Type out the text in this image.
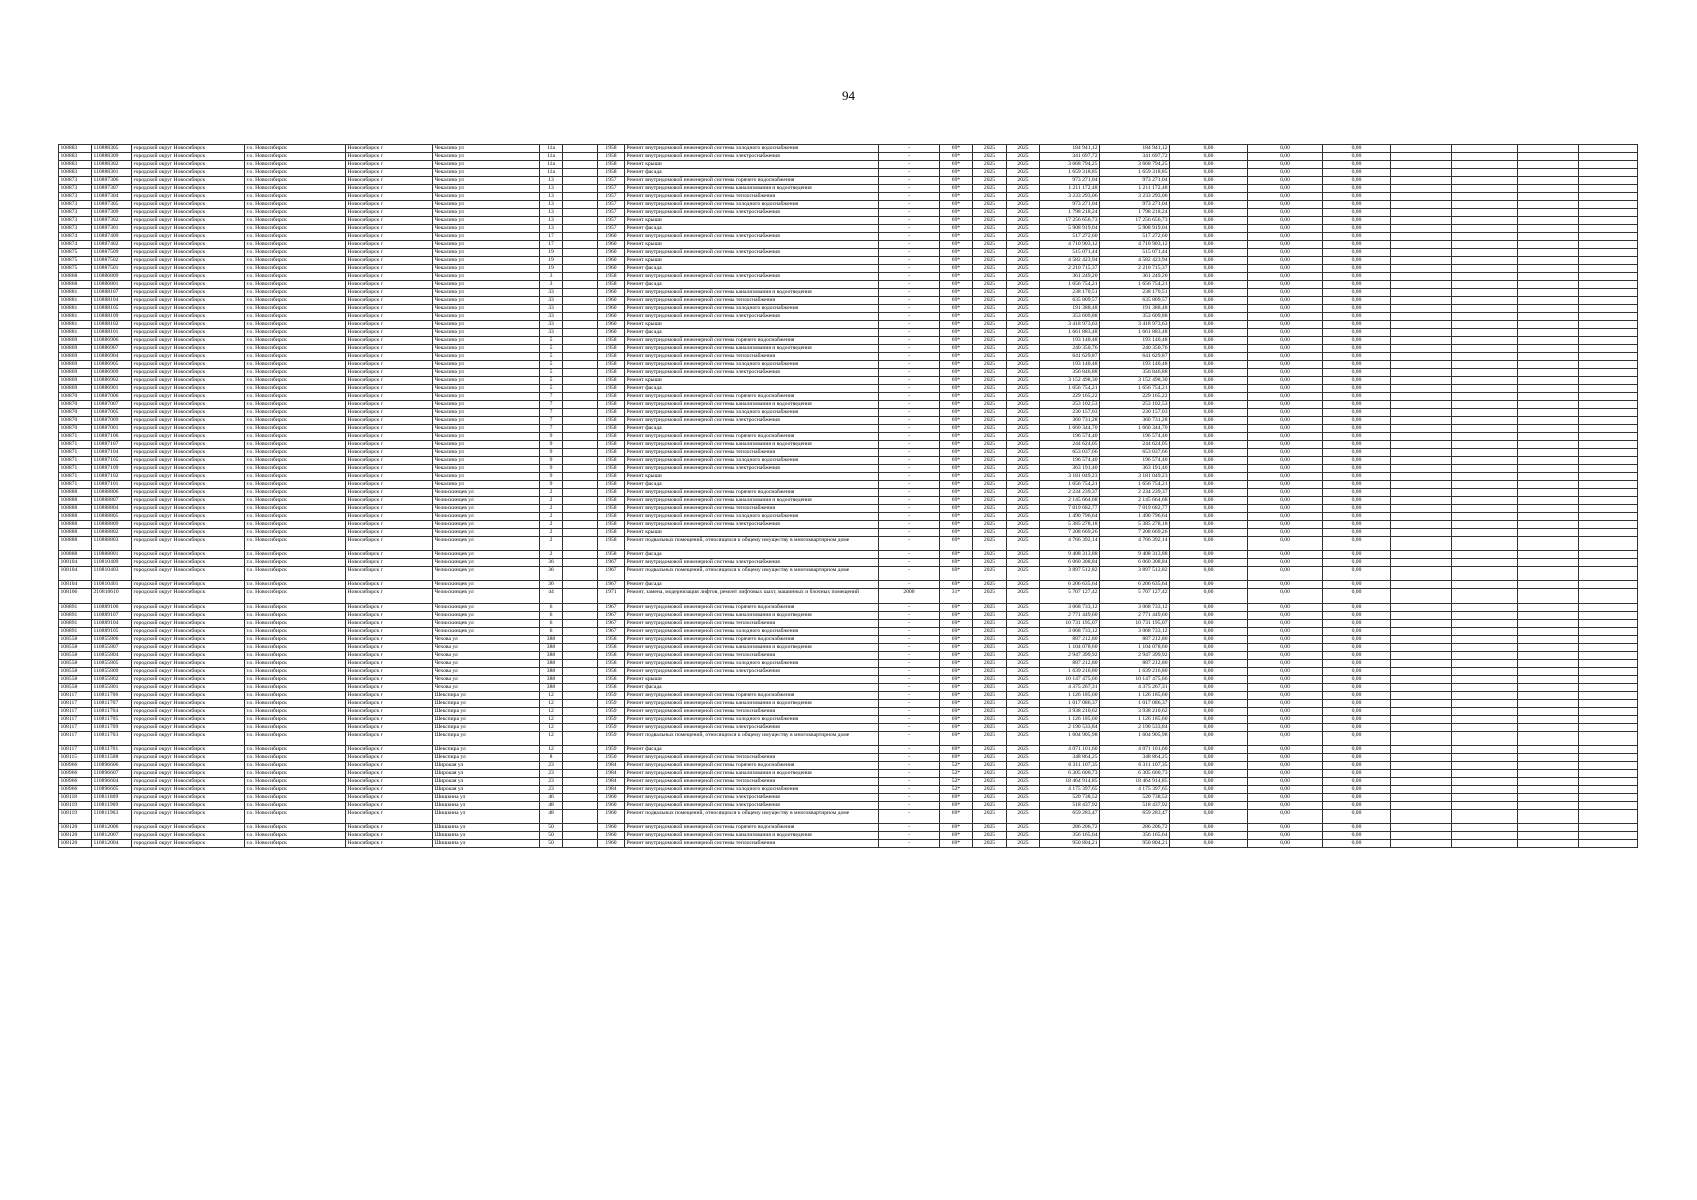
94
108883	110888305	городской округ Новосибирск	г.о. Новосибирск	Новосибирск г	Чекалина ул	11а		1958	Ремонт внутридомовой инженерной системы холодного водоснабжения	-	69*	2025	2025	184 941,12	184 941,12	0,00	0,00	0,00				
108883	110888309	городской округ Новосибирск	г.о. Новосибирск	Новосибирск г	Чекалина ул	11а		1958	Ремонт внутридомовой инженерной системы электроснабжения	-	69*	2025	2025	341 697,72	341 697,72	0,00	0,00	0,00				
108883	110888302	городской округ Новосибирск	г.о. Новосибирск	Новосибирск г	Чекалина ул	11а		1958	Ремонт крыши	-	69*	2025	2025	3 668 794,25	3 668 794,25	0,00	0,00	0,00				
108883	110888301	городской округ Новосибирск	г.о. Новосибирск	Новосибирск г	Чекалина ул	11а		1958	Ремонт фасада	-	69*	2025	2025	1 659 318,85	1 659 318,85	0,00	0,00	0,00				
108873	110887306	городской округ Новосибирск	г.о. Новосибирск	Новосибирск г	Чекалина ул	13		1957	Ремонт внутридомовой инженерной системы горячего водоснабжения	-	69*	2025	2025	973 271,04	973 271,04	0,00	0,00	0,00				
108873	110887307	городской округ Новосибирск	г.о. Новосибирск	Новосибирск г	Чекалина ул	13		1957	Ремонт внутридомовой инженерной системы канализования и водоотведения	-	69*	2025	2025	1 211 172,48	1 211 172,48	0,00	0,00	0,00				
108873	110887304	городской округ Новосибирск	г.о. Новосибирск	Новосибирск г	Чекалина ул	13		1957	Ремонт внутридомовой инженерной системы теплоснабжения	-	69*	2025	2025	3 233 293,06	3 233 293,06	0,00	0,00	0,00				
108873	110887305	городской округ Новосибирск	г.о. Новосибирск	Новосибирск г	Чекалина ул	13		1957	Ремонт внутридомовой инженерной системы холодного водоснабжения	-	69*	2025	2025	973 271,04	973 271,04	0,00	0,00	0,00				
108873	110887309	городской округ Новосибирск	г.о. Новосибирск	Новосибирск г	Чекалина ул	13		1957	Ремонт внутридомовой инженерной системы электроснабжения	-	69*	2025	2025	1 798 218,24	1 798 218,24	0,00	0,00	0,00				
108873	110887302	городской округ Новосибирск	г.о. Новосибирск	Новосибирск г	Чекалина ул	13		1957	Ремонт крыши	-	69*	2025	2025	17 256 656,73	17 256 656,73	0,00	0,00	0,00				
108873	110887301	городской округ Новосибирск	г.о. Новосибирск	Новосибирск г	Чекалина ул	13		1957	Ремонт фасада	-	69*	2025	2025	5 908 919,04	5 908 919,04	0,00	0,00	0,00				
108874	110887409	городской округ Новосибирск	г.о. Новосибирск	Новосибирск г	Чекалина ул	17		1960	Ремонт внутридомовой инженерной системы электроснабжения	-	69*	2025	2025	517 272,60	517 272,60	0,00	0,00	0,00				
108874	110887402	городской округ Новосибирск	г.о. Новосибирск	Новосибирск г	Чекалина ул	17		1960	Ремонт крыши	-	69*	2025	2025	4 710 903,12	4 710 903,12	0,00	0,00	0,00				
108875	110887509	городской округ Новосибирск	г.о. Новосибирск	Новосибирск г	Чекалина ул	19		1960	Ремонт внутридомовой инженерной системы электроснабжения	-	69*	2025	2025	515 071,44	515 071,44	0,00	0,00	0,00				
108875	110887502	городской округ Новосибирск	г.о. Новосибирск	Новосибирск г	Чекалина ул	19		1960	Ремонт крыши	-	69*	2025	2025	4 582 423,94	4 582 423,94	0,00	0,00	0,00				
108875	110887501	городской округ Новосибирск	г.о. Новосибирск	Новосибирск г	Чекалина ул	19		1960	Ремонт фасада	-	69*	2025	2025	2 210 715,37	2 210 715,37	0,00	0,00	0,00				
108868	110886809	городской округ Новосибирск	г.о. Новосибирск	Новосибирск г	Чекалина ул	3		1958	Ремонт внутридомовой инженерной системы электроснабжения	-	69*	2025	2025	361 249,20	361 249,20	0,00	0,00	0,00				
108868	110886801	городской округ Новосибирск	г.о. Новосибирск	Новосибирск г	Чекалина ул	3		1958	Ремонт фасада	-	69*	2025	2025	1 656 754,21	1 656 754,21	0,00	0,00	0,00				
108881	110888107	городской округ Новосибирск	г.о. Новосибирск	Новосибирск г	Чекалина ул	33		1960	Ремонт внутридомовой инженерной системы канализования и водоотведения	-	69*	2025	2025	238 170,51	238 170,51	0,00	0,00	0,00				
108881	110888104	городской округ Новосибирск	г.о. Новосибирск	Новосибирск г	Чекалина ул	33		1960	Ремонт внутридомовой инженерной системы теплоснабжения	-	69*	2025	2025	635 809,57	635 809,57	0,00	0,00	0,00				
108881	110888105	городской округ Новосибирск	г.о. Новосибирск	Новосибирск г	Чекалина ул	33		1960	Ремонт внутридомовой инженерной системы холодного водоснабжения	-	69*	2025	2025	191 388,48	191 388,48	0,00	0,00	0,00				
108881	110888109	городской округ Новосибирск	г.о. Новосибирск	Новосибирск г	Чекалина ул	33		1960	Ремонт внутридомовой инженерной системы электроснабжения	-	69*	2025	2025	353 609,88	353 609,88	0,00	0,00	0,00				
108881	110888102	городской округ Новосибирск	г.о. Новосибирск	Новосибирск г	Чекалина ул	33		1960	Ремонт крыши	-	69*	2025	2025	3 418 973,63	3 418 973,63	0,00	0,00	0,00				
108881	110888101	городской округ Новосибирск	г.о. Новосибирск	Новосибирск г	Чекалина ул	33		1960	Ремонт фасада	-	69*	2025	2025	1 661 883,48	1 661 883,48	0,00	0,00	0,00				
108869	110886906	городской округ Новосибирск	г.о. Новосибирск	Новосибирск г	Чекалина ул	5		1958	Ремонт внутридомовой инженерной системы горячего водоснабжения	-	69*	2025	2025	193 140,48	193 140,48	0,00	0,00	0,00				
108869	110886907	городской округ Новосибирск	г.о. Новосибирск	Новосибирск г	Чекалина ул	5		1958	Ремонт внутридомовой инженерной системы канализования и водоотведения	-	69*	2025	2025	240 350,76	240 350,76	0,00	0,00	0,00				
108869	110886904	городской округ Новосибирск	г.о. Новосибирск	Новосибирск г	Чекалина ул	5		1958	Ремонт внутридомовой инженерной системы теплоснабжения	-	69*	2025	2025	641 629,87	641 629,87	0,00	0,00	0,00				
108869	110886905	городской округ Новосибирск	г.о. Новосибирск	Новосибирск г	Чекалина ул	5		1958	Ремонт внутридомовой инженерной системы холодного водоснабжения	-	69*	2025	2025	193 140,48	193 140,48	0,00	0,00	0,00				
108869	110886909	городской округ Новосибирск	г.о. Новосибирск	Новосибирск г	Чекалина ул	5		1958	Ремонт внутридомовой инженерной системы электроснабжения	-	69*	2025	2025	356 846,88	356 846,88	0,00	0,00	0,00				
108869	110886902	городской округ Новосибирск	г.о. Новосибирск	Новосибирск г	Чекалина ул	5		1958	Ремонт крыши	-	69*	2025	2025	3 152 498,30	3 152 498,30	0,00	0,00	0,00				
108869	110886901	городской округ Новосибирск	г.о. Новосибирск	Новосибирск г	Чекалина ул	5		1958	Ремонт фасада	-	69*	2025	2025	1 656 754,21	1 656 754,21	0,00	0,00	0,00				
108870	110887006	городской округ Новосибирск	г.о. Новосибирск	Новосибирск г	Чекалина ул	7		1958	Ремонт внутридомовой инженерной системы горячего водоснабжения	-	69*	2025	2025	229 165,22	229 165,22	0,00	0,00	0,00				
108870	110887007	городской округ Новосибирск	г.о. Новосибирск	Новосибирск г	Чекалина ул	7		1958	Ремонт внутридомовой инженерной системы канализования и водоотведения	-	69*	2025	2025	253 102,53	253 102,53	0,00	0,00	0,00				
108870	110887005	городской округ Новосибирск	г.о. Новосибирск	Новосибирск г	Чекалина ул	7		1958	Ремонт внутридомовой инженерной системы холодного водоснабжения	-	69*	2025	2025	230 157,03	230 157,03	0,00	0,00	0,00				
108870	110887009	городской округ Новосибирск	г.о. Новосибирск	Новосибирск г	Чекалина ул	7		1958	Ремонт внутридомовой инженерной системы электроснабжения	-	69*	2025	2025	360 731,28	360 731,28	0,00	0,00	0,00				
108870	110887001	городской округ Новосибирск	г.о. Новосибирск	Новосибирск г	Чекалина ул	7		1958	Ремонт фасада	-	69*	2025	2025	1 660 344,70	1 660 344,70	0,00	0,00	0,00				
108871	110887106	городской округ Новосибирск	г.о. Новосибирск	Новосибирск г	Чекалина ул	9		1958	Ремонт внутридомовой инженерной системы горячего водоснабжения	-	69*	2025	2025	196 574,40	196 574,40	0,00	0,00	0,00				
108871	110887107	городской округ Новосибирск	г.о. Новосибирск	Новосибирск г	Чекалина ул	9		1958	Ремонт внутридомовой инженерной системы канализования и водоотведения	-	69*	2025	2025	244 624,05	244 624,05	0,00	0,00	0,00				
108871	110887104	городской округ Новосибирск	г.о. Новосибирск	Новосибирск г	Чекалина ул	9		1958	Ремонт внутридомовой инженерной системы теплоснабжения	-	69*	2025	2025	653 037,66	653 037,66	0,00	0,00	0,00				
108871	110887105	городской округ Новосибирск	г.о. Новосибирск	Новосибирск г	Чекалина ул	9		1958	Ремонт внутридомовой инженерной системы холодного водоснабжения	-	69*	2025	2025	196 574,40	196 574,40	0,00	0,00	0,00				
108871	110887109	городской округ Новосибирск	г.о. Новосибирск	Новосибирск г	Чекалина ул	9		1958	Ремонт внутридомовой инженерной системы электроснабжения	-	69*	2025	2025	363 191,40	363 191,40	0,00	0,00	0,00				
108871	110887102	городской округ Новосибирск	г.о. Новосибирск	Новосибирск г	Чекалина ул	9		1958	Ремонт крыши	-	69*	2025	2025	3 181 049,23	3 181 049,23	0,00	0,00	0,00				
108871	110887101	городской округ Новосибирск	г.о. Новосибирск	Новосибирск г	Чекалина ул	9		1958	Ремонт фасада	-	69*	2025	2025	1 656 754,21	1 656 754,21	0,00	0,00	0,00				
108888	110888806	городской округ Новосибирск	г.о. Новосибирск	Новосибирск г	Челюскинцев ул	2		1958	Ремонт внутридомовой инженерной системы горячего водоснабжения	-	69*	2025	2025	2 234 239,37	2 234 239,37	0,00	0,00	0,00				
108888	110888807	городской округ Новосибирск	г.о. Новосибирск	Новосибирск г	Челюскинцев ул	2		1958	Ремонт внутридомовой инженерной системы канализования и водоотведения	-	69*	2025	2025	2 145 664,68	2 145 664,68	0,00	0,00	0,00				
108888	110888804	городской округ Новосибирск	г.о. Новосибирск	Новосибирск г	Челюскинцев ул	2		1958	Ремонт внутридомовой инженерной системы теплоснабжения	-	69*	2025	2025	7 019 682,77	7 019 682,77	0,00	0,00	0,00				
108888	110888805	городской округ Новосибирск	г.о. Новосибирск	Новосибирск г	Челюскинцев ул	2		1958	Ремонт внутридомовой инженерной системы холодного водоснабжения	-	69*	2025	2025	1 490 796,64	1 490 796,64	0,00	0,00	0,00				
108888	110888809	городской округ Новосибирск	г.о. Новосибирск	Новосибирск г	Челюскинцев ул	2		1958	Ремонт внутридомовой инженерной системы электроснабжения	-	69*	2025	2025	5 385 278,18	5 385 278,18	0,00	0,00	0,00				
108888	110888802	городской округ Новосибирск	г.о. Новосибирск	Новосибирск г	Челюскинцев ул	2		1958	Ремонт крыши	-	69*	2025	2025	7 208 669,26	7 208 669,26	0,00	0,00	0,00				
108888	110888803	городской округ Новосибирск	г.о. Новосибирск	Новосибирск г	Челюскинцев ул	2		1958	Ремонт подвальных помещений, относящихся к общему имуществу в многоквартирном доме	-	69*	2025	2025	4 766 392,14	4 766 392,14	0,00	0,00	0,00				
108888	110888801	городской округ Новосибирск	г.о. Новосибирск	Новосибирск г	Челюскинцев ул	2		1958	Ремонт фасада	-	69*	2025	2025	9 408 313,88	9 408 313,88	0,00	0,00	0,00				
108104	110810409	городской округ Новосибирск	г.о. Новосибирск	Новосибирск г	Челюскинцев ул	36		1967	Ремонт внутридомовой инженерной системы электроснабжения	-	69*	2025	2025	6 060 308,84	6 060 308,84	0,00	0,00	0,00				
108104	110810403	городской округ Новосибирск	г.о. Новосибирск	Новосибирск г	Челюскинцев ул	36		1967	Ремонт подвальных помещений, относящихся к общему имуществу в многоквартирном доме	-	69*	2025	2025	3 897 512,82	3 897 512,82	0,00	0,00	0,00				
108104	110810401	городской округ Новосибирск	г.о. Новосибирск	Новосибирск г	Челюскинцев ул	36		1967	Ремонт фасада	-	69*	2025	2025	6 206 635,64	6 206 635,64	0,00	0,00	0,00				
108106	210810610	городской округ Новосибирск	г.о. Новосибирск	Новосибирск г	Челюскинцев ул	44		1971	Ремонт, замена, модернизация лифтов, ремонт лифтовых шахт, машинных и блочных помещений	2000	31*	2025	2025	5 707 127,42	5 707 127,42	0,00	0,00	0,00				
108891	110889106	городской округ Новосибирск	г.о. Новосибирск	Новосибирск г	Челюскинцев ул	6		1967	Ремонт внутридомовой инженерной системы горячего водоснабжения	-	69*	2025	2025	3 068 733,12	3 068 733,12	0,00	0,00	0,00				
108891	110889107	городской округ Новосибирск	г.о. Новосибирск	Новосибирск г	Челюскинцев ул	6		1967	Ремонт внутридомовой инженерной системы канализования и водоотведения	-	69*	2025	2025	2 771 449,60	2 771 449,60	0,00	0,00	0,00				
108891	110889104	городской округ Новосибирск	г.о. Новосибирск	Новосибирск г	Челюскинцев ул	6		1967	Ремонт внутридомовой инженерной системы теплоснабжения	-	69*	2025	2025	10 731 195,07	10 731 195,07	0,00	0,00	0,00				
108891	110889105	городской округ Новосибирск	г.о. Новосибирск	Новосибирск г	Челюскинцев ул	6		1967	Ремонт внутридомовой инженерной системы холодного водоснабжения	-	69*	2025	2025	3 068 733,12	3 068 733,12	0,00	0,00	0,00				
108558	110855806	городской округ Новосибирск	г.о. Новосибирск	Новосибирск г	Чехова ул	388		1958	Ремонт внутридомовой инженерной системы горячего водоснабжения	-	69*	2025	2025	887 212,80	887 212,80	0,00	0,00	0,00				
108558	110855807	городской округ Новосибирск	г.о. Новосибирск	Новосибирск г	Чехова ул	388		1958	Ремонт внутридомовой инженерной системы канализования и водоотведения	-	69*	2025	2025	1 104 078,60	1 104 078,60	0,00	0,00	0,00				
108558	110855804	городской округ Новосибирск	г.о. Новосибирск	Новосибирск г	Чехова ул	388		1958	Ремонт внутридомовой инженерной системы теплоснабжения	-	69*	2025	2025	2 947 399,92	2 947 399,92	0,00	0,00	0,00				
108558	110855805	городской округ Новосибирск	г.о. Новосибирск	Новосибирск г	Чехова ул	388		1958	Ремонт внутридомовой инженерной системы холодного водоснабжения	-	69*	2025	2025	887 212,80	887 212,80	0,00	0,00	0,00				
108558	110855809	городской округ Новосибирск	г.о. Новосибирск	Новосибирск г	Чехова ул	388		1958	Ремонт внутридомовой инженерной системы электроснабжения	-	69*	2025	2025	1 639 216,80	1 639 216,80	0,00	0,00	0,00				
108558	110855802	городской округ Новосибирск	г.о. Новосибирск	Новосибирск г	Чехова ул	388		1958	Ремонт крыши	-	69*	2025	2025	10 147 475,66	10 147 475,66	0,00	0,00	0,00				
108558	110855801	городской округ Новосибирск	г.о. Новосибирск	Новосибирск г	Чехова ул	388		1958	Ремонт фасада	-	69*	2025	2025	4 375 267,31	4 375 267,31	0,00	0,00	0,00				
108117	110811706	городской округ Новосибирск	г.о. Новосибирск	Новосибирск г	Шекспира ул	12		1959	Ремонт внутридомовой инженерной системы горячего водоснабжения	-	69*	2025	2025	1 126 185,60	1 126 185,60	0,00	0,00	0,00				
108117	110811707	городской округ Новосибирск	г.о. Новосибирск	Новосибирск г	Шекспира ул	12		1959	Ремонт внутридомовой инженерной системы канализования и водоотведения	-	69*	2025	2025	1 017 086,37	1 017 086,37	0,00	0,00	0,00				
108117	110811704	городской округ Новосибирск	г.о. Новосибирск	Новосибирск г	Шекспира ул	12		1959	Ремонт внутридомовой инженерной системы теплоснабжения	-	69*	2025	2025	3 938 210,62	3 938 210,62	0,00	0,00	0,00				
108117	110811705	городской округ Новосибирск	г.о. Новосибирск	Новосибирск г	Шекспира ул	12		1959	Ремонт внутридомовой инженерной системы холодного водоснабжения	-	69*	2025	2025	1 126 185,60	1 126 185,60	0,00	0,00	0,00				
108117	110811709	городской округ Новосибирск	г.о. Новосибирск	Новосибирск г	Шекспира ул	12		1959	Ремонт внутридомовой инженерной системы электроснабжения	-	69*	2025	2025	2 190 533,84	2 190 533,84	0,00	0,00	0,00				
108117	110811703	городской округ Новосибирск	г.о. Новосибирск	Новосибирск г	Шекспира ул	12		1959	Ремонт подвальных помещений, относящихся к общему имуществу в многоквартирном доме	-	69*	2025	2025	1 604 905,98	1 604 905,98	0,00	0,00	0,00				
108117	110811701	городской округ Новосибирск	г.о. Новосибирск	Новосибирск г	Шекспира ул	12		1959	Ремонт фасада	-	69*	2025	2025	4 071 101,60	4 071 101,60	0,00	0,00	0,00				
108115	110811508	городской округ Новосибирск	г.о. Новосибирск	Новосибирск г	Шекспира ул	8		1950	Ремонт внутридомовой инженерной системы теплоснабжения	-	69*	2025	2025	348 864,25	348 864,25	0,00	0,00	0,00				
108966	110896606	городской округ Новосибирск	г.о. Новосибирск	Новосибирск г	Широкая ул	23		1984	Ремонт внутридомовой инженерной системы горячего водоснабжения	-	52*	2025	2025	6 311 107,35	6 311 107,35	0,00	0,00	0,00				
108966	110896607	городской округ Новосибирск	г.о. Новосибирск	Новосибирск г	Широкая ул	23		1984	Ремонт внутридомовой инженерной системы канализования и водоотведения	-	52*	2025	2025	6 305 600,73	6 305 600,73	0,00	0,00	0,00				
108966	110896604	городской округ Новосибирск	г.о. Новосибирск	Новосибирск г	Широкая ул	23		1984	Ремонт внутридомовой инженерной системы теплоснабжения	-	52*	2025	2025	18 464 914,85	18 464 914,85	0,00	0,00	0,00				
108966	110896605	городской округ Новосибирск	г.о. Новосибирск	Новосибирск г	Широкая ул	23		1984	Ремонт внутридомовой инженерной системы холодного водоснабжения	-	52*	2025	2025	4 175 397,65	4 175 397,65	0,00	0,00	0,00				
108118	110811809	городской округ Новосибирск	г.о. Новосибирск	Новосибирск г	Шишкина ул	46		1960	Ремонт внутридомовой инженерной системы электроснабжения	-	69*	2025	2025	520 738,52	520 738,52	0,00	0,00	0,00				
108119	110811909	городской округ Новосибирск	г.о. Новосибирск	Новосибирск г	Шишкина ул	48		1960	Ремонт внутридомовой инженерной системы электроснабжения	-	69*	2025	2025	518 437,92	518 437,92	0,00	0,00	0,00				
108119	110811903	городской округ Новосибирск	г.о. Новосибирск	Новосибирск г	Шишкина ул	48		1960	Ремонт подвальных помещений, относящихся к общему имуществу в многоквартирном доме	-	69*	2025	2025	659 283,47	659 283,47	0,00	0,00	0,00				
108120	110812006	городской округ Новосибирск	г.о. Новосибирск	Новосибирск г	Шишкина ул	50		1960	Ремонт внутридомовой инженерной системы горячего водоснабжения	-	69*	2025	2025	286 206,72	286 206,72	0,00	0,00	0,00				
108120	110812007	городской округ Новосибирск	г.о. Новосибирск	Новосибирск г	Шишкина ул	50		1960	Ремонт внутридомовой инженерной системы канализования и водоотведения	-	69*	2025	2025	356 165,64	356 165,64	0,00	0,00	0,00				
108120	110812004	городской округ Новосибирск	г.о. Новосибирск	Новосибирск г	Шишкина ул	50		1960	Ремонт внутридомовой инженерной системы теплоснабжения	-	69*	2025	2025	950 804,21	950 804,21	0,00	0,00	0,00				
